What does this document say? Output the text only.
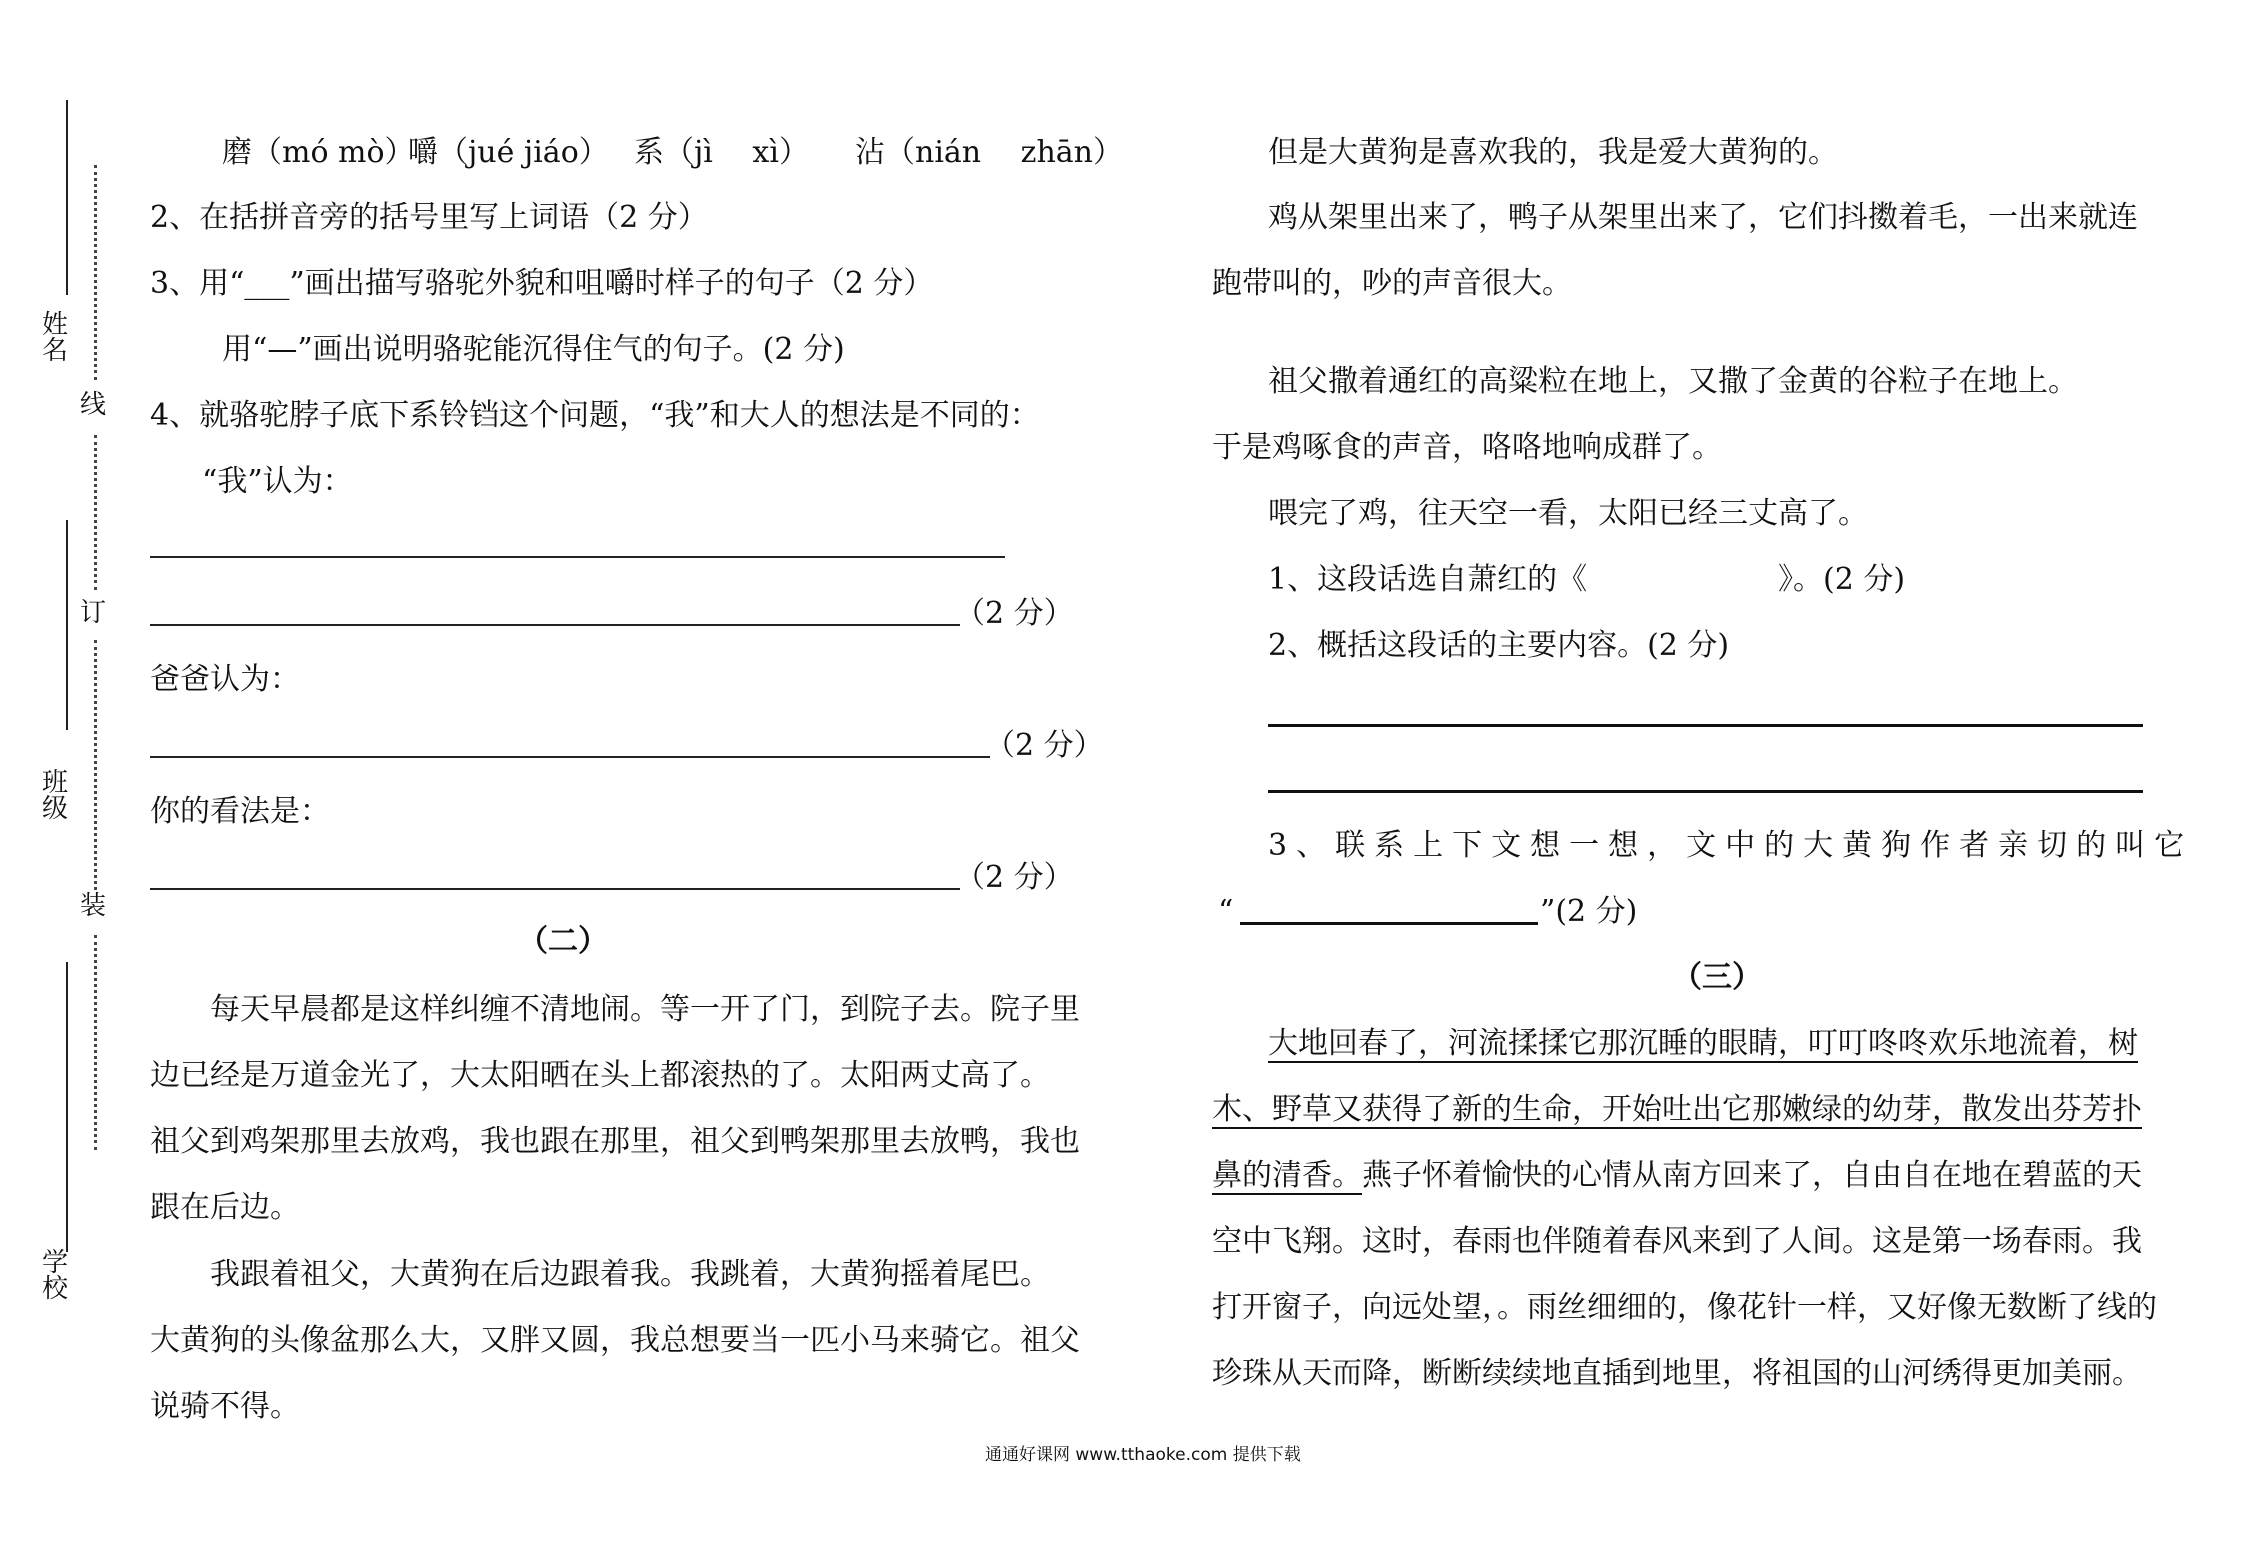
姓名
班级
学校
线
订
装
磨（mó mò）
嚼（jué jiáo） 系（jì　 xì） 沾（nián　 zhān）
2、在括拼音旁的括号里写上词语（2 分）
3、用“___”画出描写骆驼外貌和咀嚼时样子的句子（2 分）
用“—”画出说明骆驼能沉得住气的句子。(2 分)
4、就骆驼脖子底下系铃铛这个问题，“我”和大人的想法是不同的：
“我”认为：
（2 分）
爸爸认为：
（2 分）
你的看法是：
（2 分）
（二）
每天早晨都是这样纠缠不清地闹。等一开了门，到院子去。院子里
边已经是万道金光了，大太阳晒在头上都滚热的了。太阳两丈高了。
祖父到鸡架那里去放鸡，我也跟在那里，祖父到鸭架那里去放鸭，我也
跟在后边。
我跟着祖父，大黄狗在后边跟着我。我跳着，大黄狗摇着尾巴。
大黄狗的头像盆那么大，又胖又圆，我总想要当一匹小马来骑它。祖父
说骑不得。
但是大黄狗是喜欢我的，我是爱大黄狗的。
鸡从架里出来了，鸭子从架里出来了，它们抖擞着毛，一出来就连
跑带叫的，吵的声音很大。
祖父撒着通红的高粱粒在地上，又撒了金黄的谷粒子在地上。
于是鸡啄食的声音，咯咯地响成群了。
喂完了鸡，往天空一看，太阳已经三丈高了。
1、这段话选自萧红的《	》。(2 分)
2、概括这段话的主要内容。(2 分)
3、联系上下文想一想，文中的大黄狗作者亲切的叫它
“	”(2 分)
（三）
大地回春了，河流揉揉它那沉睡的眼睛，叮叮咚咚欢乐地流着，树
木、野草又获得了新的生命，开始吐出它那嫩绿的幼芽，散发出芬芳扑
鼻的清香。燕子怀着愉快的心情从南方回来了，自由自在地在碧蓝的天
空中飞翔。这时，春雨也伴随着春风来到了人间。这是第一场春雨。我
打开窗子，向远处望，。雨丝细细的，像花针一样，又好像无数断了线的
珍珠从天而降，断断续续地直插到地里，将祖国的山河绣得更加美丽。
通通好课网 www.tthaoke.com 提供下载
